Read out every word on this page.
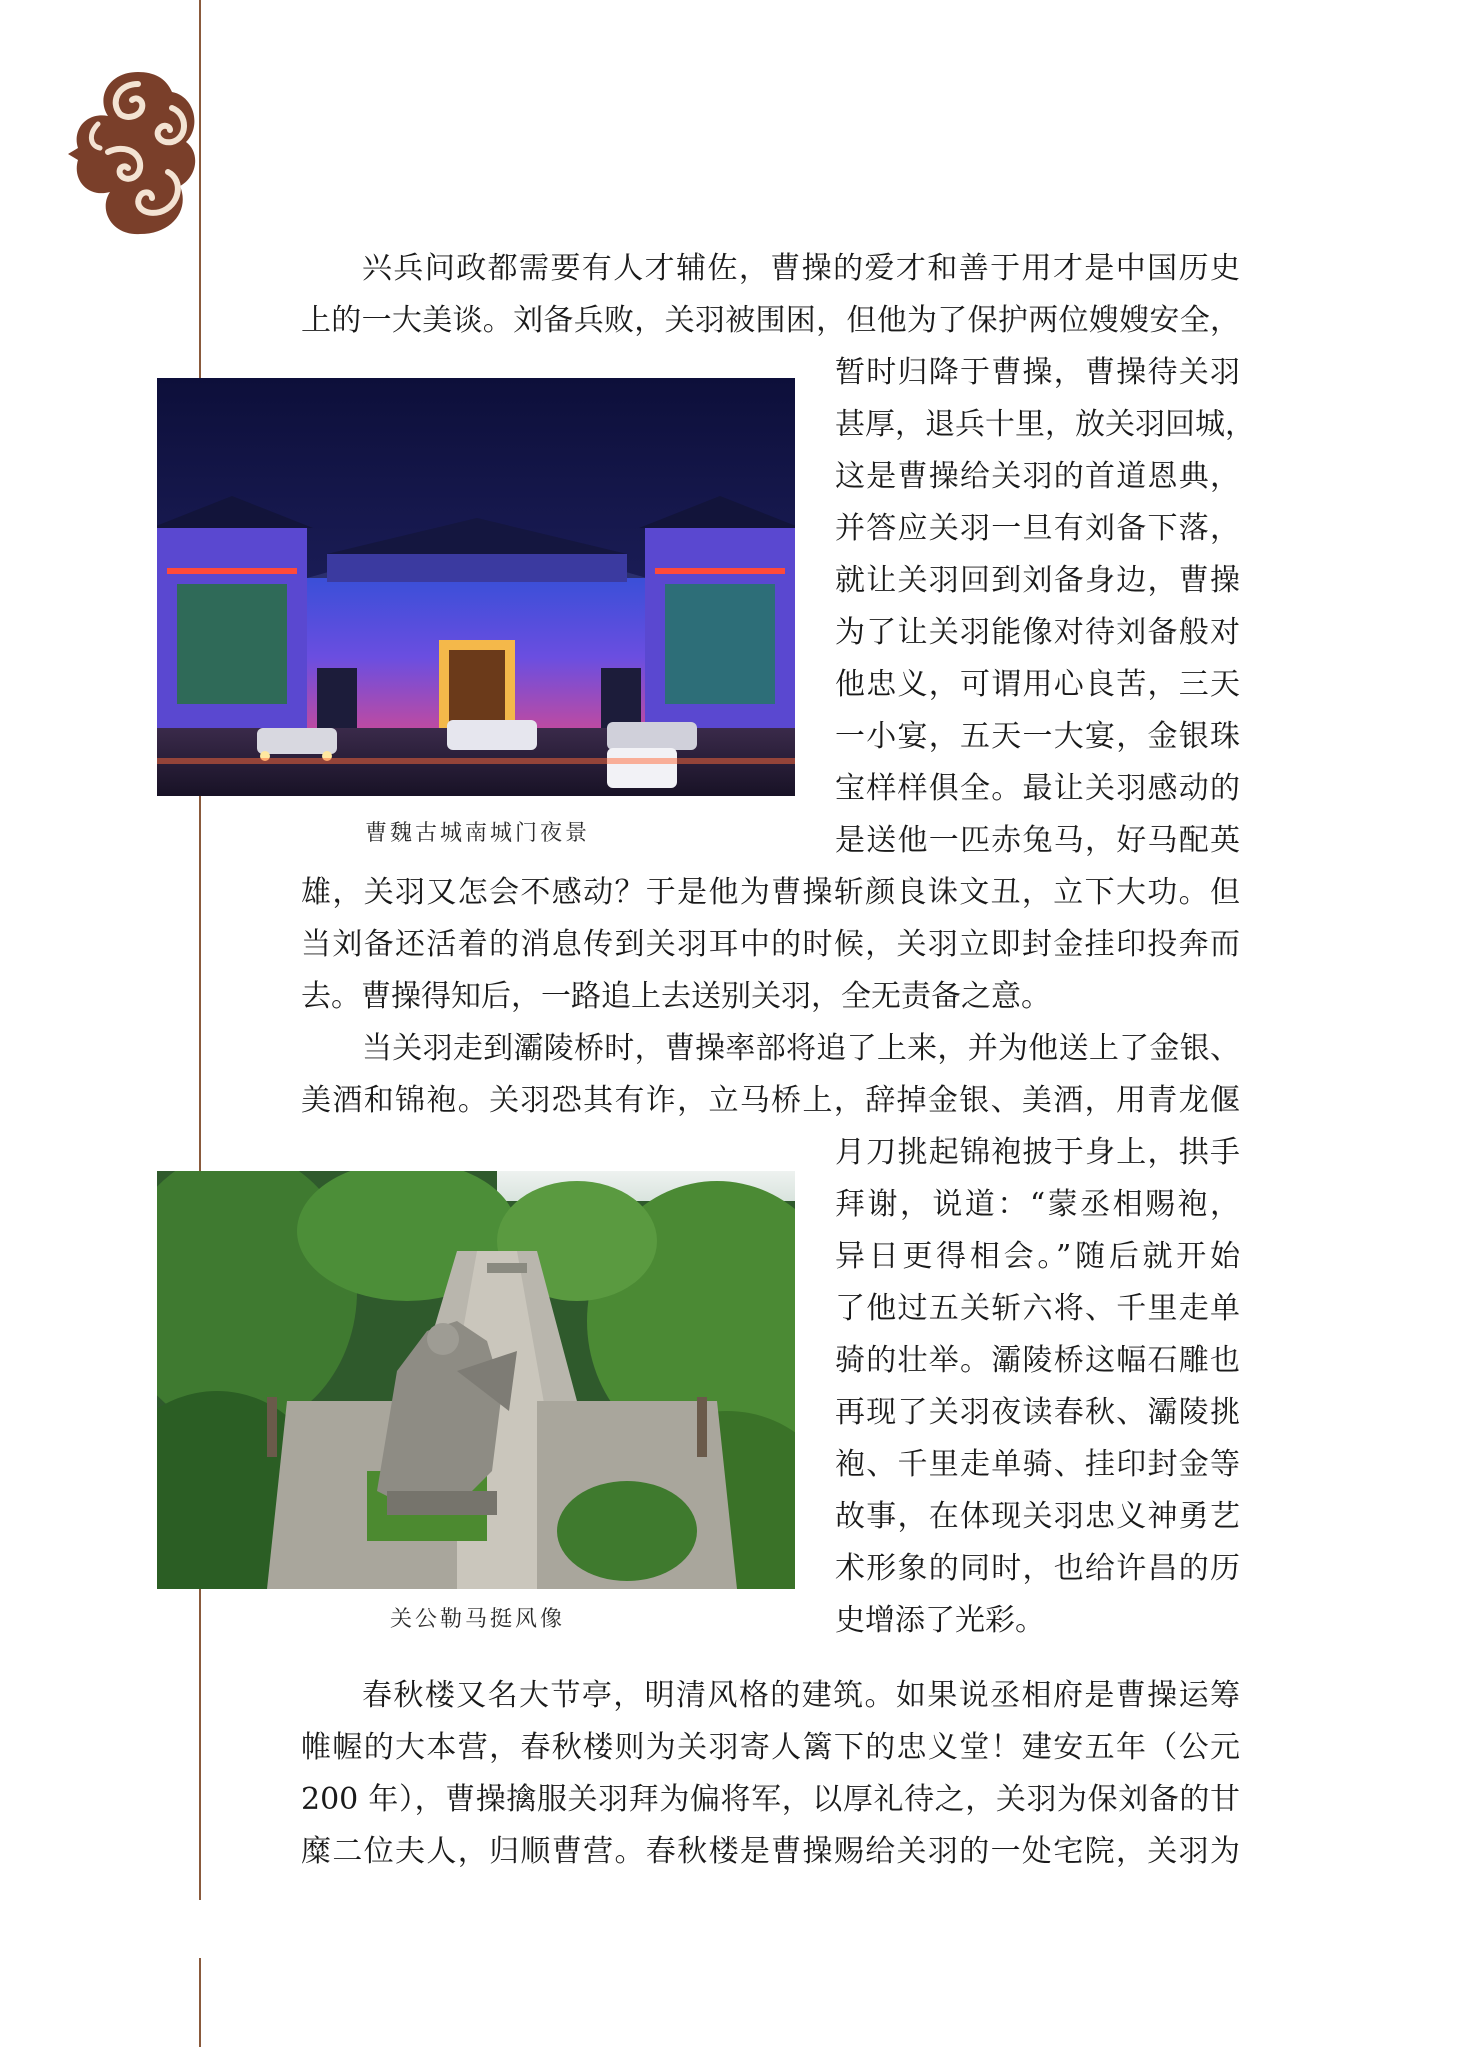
兴兵问政都需要有人才辅佐，曹操的爱才和善于用才是中国历史
上的一大美谈。刘备兵败，关羽被围困，但他为了保护两位嫂嫂安全，
暂时归降于曹操，曹操待关羽
甚厚，退兵十里，放关羽回城，
这是曹操给关羽的首道恩典，
并答应关羽一旦有刘备下落，
就让关羽回到刘备身边，曹操
为了让关羽能像对待刘备般对
他忠义，可谓用心良苦，三天
一小宴，五天一大宴，金银珠
宝样样俱全。最让关羽感动的
是送他一匹赤兔马，好马配英
雄，关羽又怎会不感动？于是他为曹操斩颜良诛文丑，立下大功。但
当刘备还活着的消息传到关羽耳中的时候，关羽立即封金挂印投奔而
去。曹操得知后，一路追上去送别关羽，全无责备之意。
当关羽走到灞陵桥时，曹操率部将追了上来，并为他送上了金银、
美酒和锦袍。关羽恐其有诈，立马桥上，辞掉金银、美酒，用青龙偃
月刀挑起锦袍披于身上，拱手
拜谢，说道：“蒙丞相赐袍，
异日更得相会。”随后就开始
了他过五关斩六将、千里走单
骑的壮举。灞陵桥这幅石雕也
再现了关羽夜读春秋、灞陵挑
袍、千里走单骑、挂印封金等
故事，在体现关羽忠义神勇艺
术形象的同时，也给许昌的历
史增添了光彩。
春秋楼又名大节亭，明清风格的建筑。如果说丞相府是曹操运筹
帷幄的大本营，春秋楼则为关羽寄人篱下的忠义堂！建安五年（公元
200 年），曹操擒服关羽拜为偏将军，以厚礼待之，关羽为保刘备的甘
糜二位夫人，归顺曹营。春秋楼是曹操赐给关羽的一处宅院，关羽为
曹魏古城南城门夜景
关公勒马挺风像
